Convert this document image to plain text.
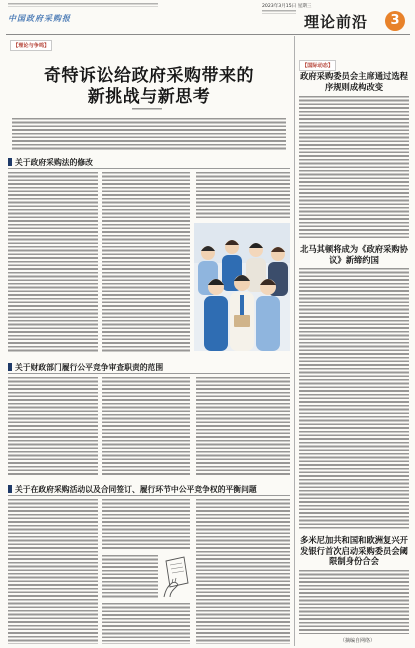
中国政府采购报
2023年3月15日 星期三
理论前沿	3
【理论与争鸣】
奇特诉讼给政府采购带来的
新挑战与新思考
关于政府采购法的修改
关于财政部门履行公平竞争审查职责的范围
关于在政府采购活动以及合同签订、履行环节中公平竞争权的平衡问题
【国际动态】
政府采购委员会主席通过选程序规则成构改变
北马其顿将成为《政府采购协议》新缔约国
多米尼加共和国和欧洲复兴开发银行首次启动采购委员会阈限制身份合会
（摘编自网络）
